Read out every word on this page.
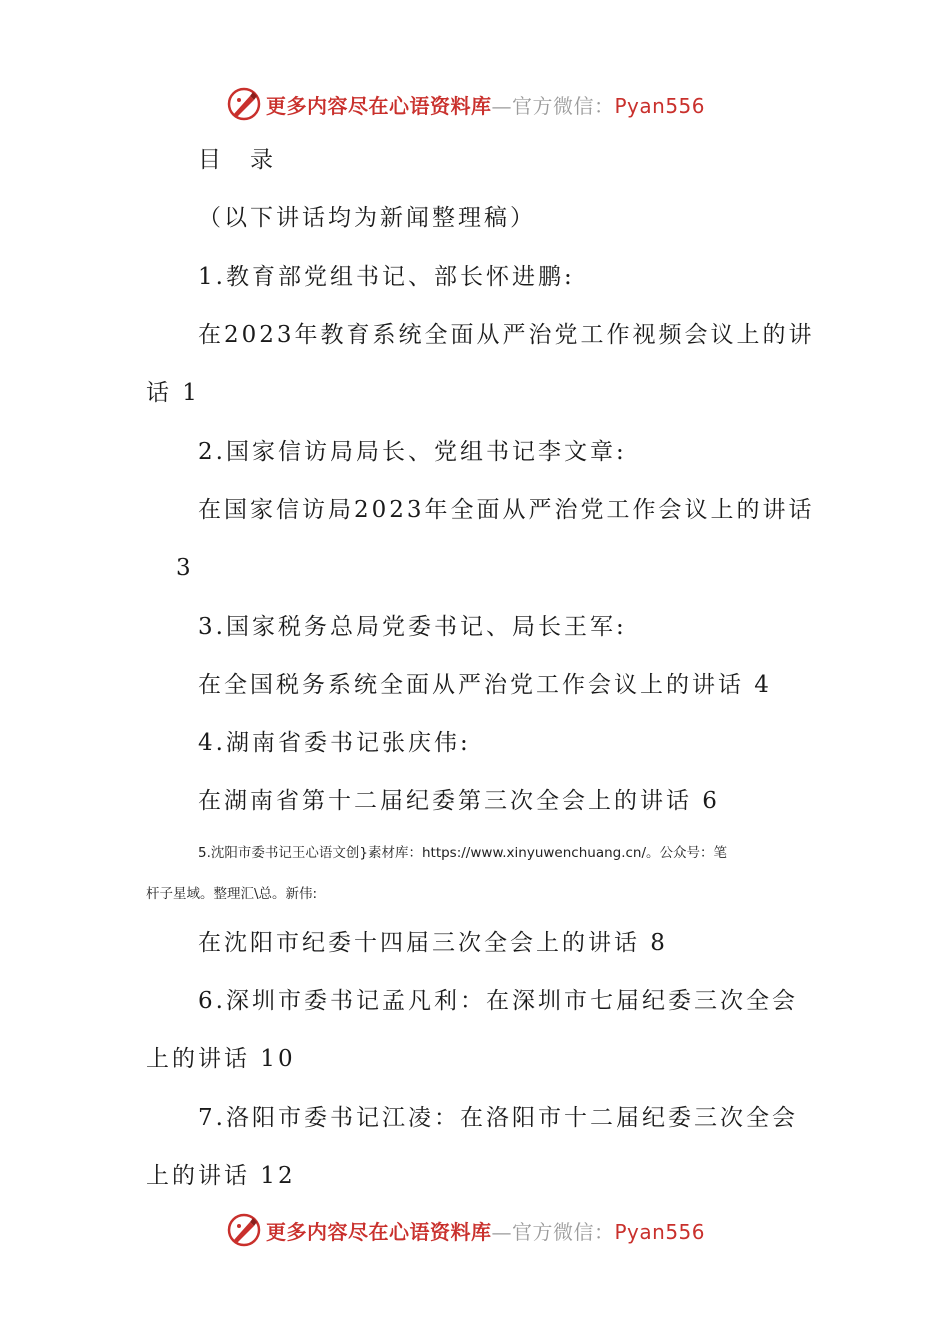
更多内容尽在心语资料库—官方微信：Pyan556
目　录
（以下讲话均为新闻整理稿）
1.教育部党组书记、部长怀进鹏:
在2023年教育系统全面从严治党工作视频会议上的讲
话 1
2.国家信访局局长、党组书记李文章:
在国家信访局2023年全面从严治党工作会议上的讲话
3
3.国家税务总局党委书记、局长王军:
在全国税务系统全面从严治党工作会议上的讲话 4
4.湖南省委书记张庆伟:
在湖南省第十二届纪委第三次全会上的讲话 6
5.沈阳市委书记王心语文创}素材库：https://www.xinyuwenchuang.cn/。公众号：笔
杆子星域。整理汇\总。新伟:
在沈阳市纪委十四届三次全会上的讲话 8
6.深圳市委书记孟凡利：在深圳市七届纪委三次全会
上的讲话 10
7.洛阳市委书记江凌：在洛阳市十二届纪委三次全会
上的讲话 12
更多内容尽在心语资料库—官方微信：Pyan556
